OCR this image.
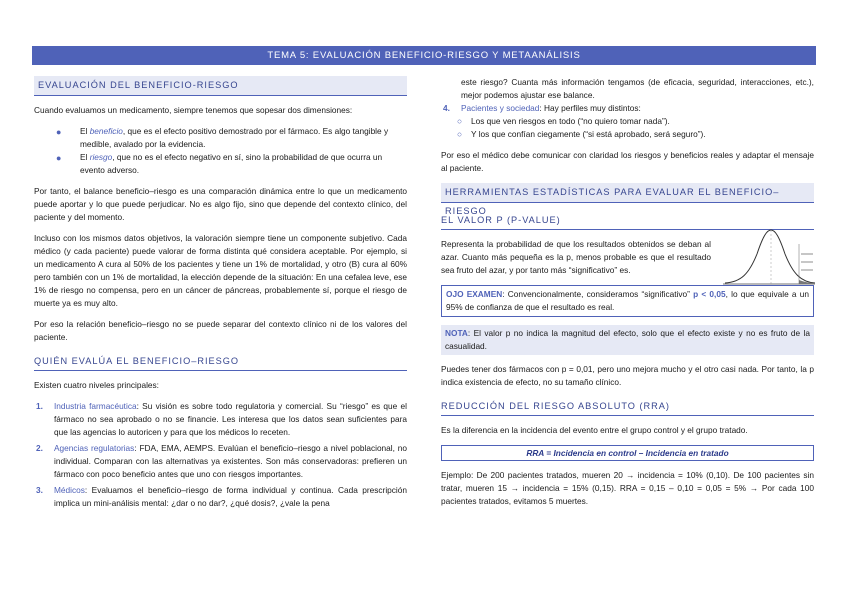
TEMA 5: EVALUACIÓN BENEFICIO-RIESGO Y METAANÁLISIS
EVALUACIÓN DEL BENEFICIO-RIESGO

Cuando evaluamos un medicamento, siempre tenemos que sopesar dos dimensiones:

● El beneficio, que es el efecto positivo demostrado por el fármaco. Es algo tangible y medible, avalado por la evidencia.
● El riesgo, que no es el efecto negativo en sí, sino la probabilidad de que ocurra un evento adverso.

Por tanto, el balance beneficio–riesgo es una comparación dinámica entre lo que un medicamento puede aportar y lo que puede perjudicar. No es algo fijo, sino que depende del contexto clínico, del paciente y del momento.

Incluso con los mismos datos objetivos, la valoración siempre tiene un componente subjetivo. Cada médico (y cada paciente) puede valorar de forma distinta qué considera aceptable. Por ejemplo, si un medicamento A cura al 50% de los pacientes y tiene un 1% de mortalidad, y otro (B) cura al 60% pero también con un 1% de mortalidad, la elección depende de la situación: En una cefalea leve, ese 1% de riesgo no compensa, pero en un cáncer de páncreas, probablemente sí, porque el riesgo de muerte ya es muy alto.

Por eso la relación beneficio–riesgo no se puede separar del contexto clínico ni de los valores del paciente.

QUIÉN EVALÚA EL BENEFICIO–RIESGO

Existen cuatro niveles principales:

1. Industria farmacéutica: Su visión es sobre todo regulatoria y comercial. Su “riesgo” es que el fármaco no sea aprobado o no se financie. Les interesa que los datos sean suficientes para que las agencias lo autoricen y para que los médicos lo receten.

2. Agencias regulatorias: FDA, EMA, AEMPS. Evalúan el beneficio–riesgo a nivel poblacional, no individual. Comparan con las alternativas ya existentes. Son más conservadoras: prefieren un fármaco con poco beneficio antes que uno con riesgos importantes.

3. Médicos: Evaluamos el beneficio–riesgo de forma individual y continua. Cada prescripción implica un mini-análisis mental: ¿dar o no dar?, ¿qué dosis?, ¿vale la pena

este riesgo? Cuanta más información tengamos (de eficacia, seguridad, interacciones, etc.), mejor podemos ajustar ese balance.

4. Pacientes y sociedad: Hay perfiles muy distintos:
○ Los que ven riesgos en todo (“no quiero tomar nada”).
○ Y los que confían ciegamente (“si está aprobado, será seguro”).

Por eso el médico debe comunicar con claridad los riesgos y beneficios reales y adaptar el mensaje al paciente.

HERRAMIENTAS ESTADÍSTICAS PARA EVALUAR EL BENEFICIO–RIESGO
EL VALOR P (P-VALUE)

Representa la probabilidad de que los resultados obtenidos se deban al azar. Cuanto más pequeña es la p, menos probable es que el resultado sea fruto del azar, y por tanto más “significativo” es.

OJO EXAMEN: Convencionalmente, consideramos “significativo” p < 0,05, lo que equivale a un 95% de confianza de que el resultado es real.

NOTA: El valor p no indica la magnitud del efecto, solo que el efecto existe y no es fruto de la casualidad.

Puedes tener dos fármacos con p = 0,01, pero uno mejora mucho y el otro casi nada. Por tanto, la p indica existencia de efecto, no su tamaño clínico.

REDUCCIÓN DEL RIESGO ABSOLUTO (RRA)

Es la diferencia en la incidencia del evento entre el grupo control y el grupo tratado.

RRA = Incidencia en control – Incidencia en tratado

Ejemplo: De 200 pacientes tratados, mueren 20 → incidencia = 10% (0,10). De 100 pacientes sin tratar, mueren 15 → incidencia = 15% (0,15). RRA = 0,15 – 0,10 = 0,05 = 5% → Por cada 100 pacientes tratados, evitamos 5 muertes.
